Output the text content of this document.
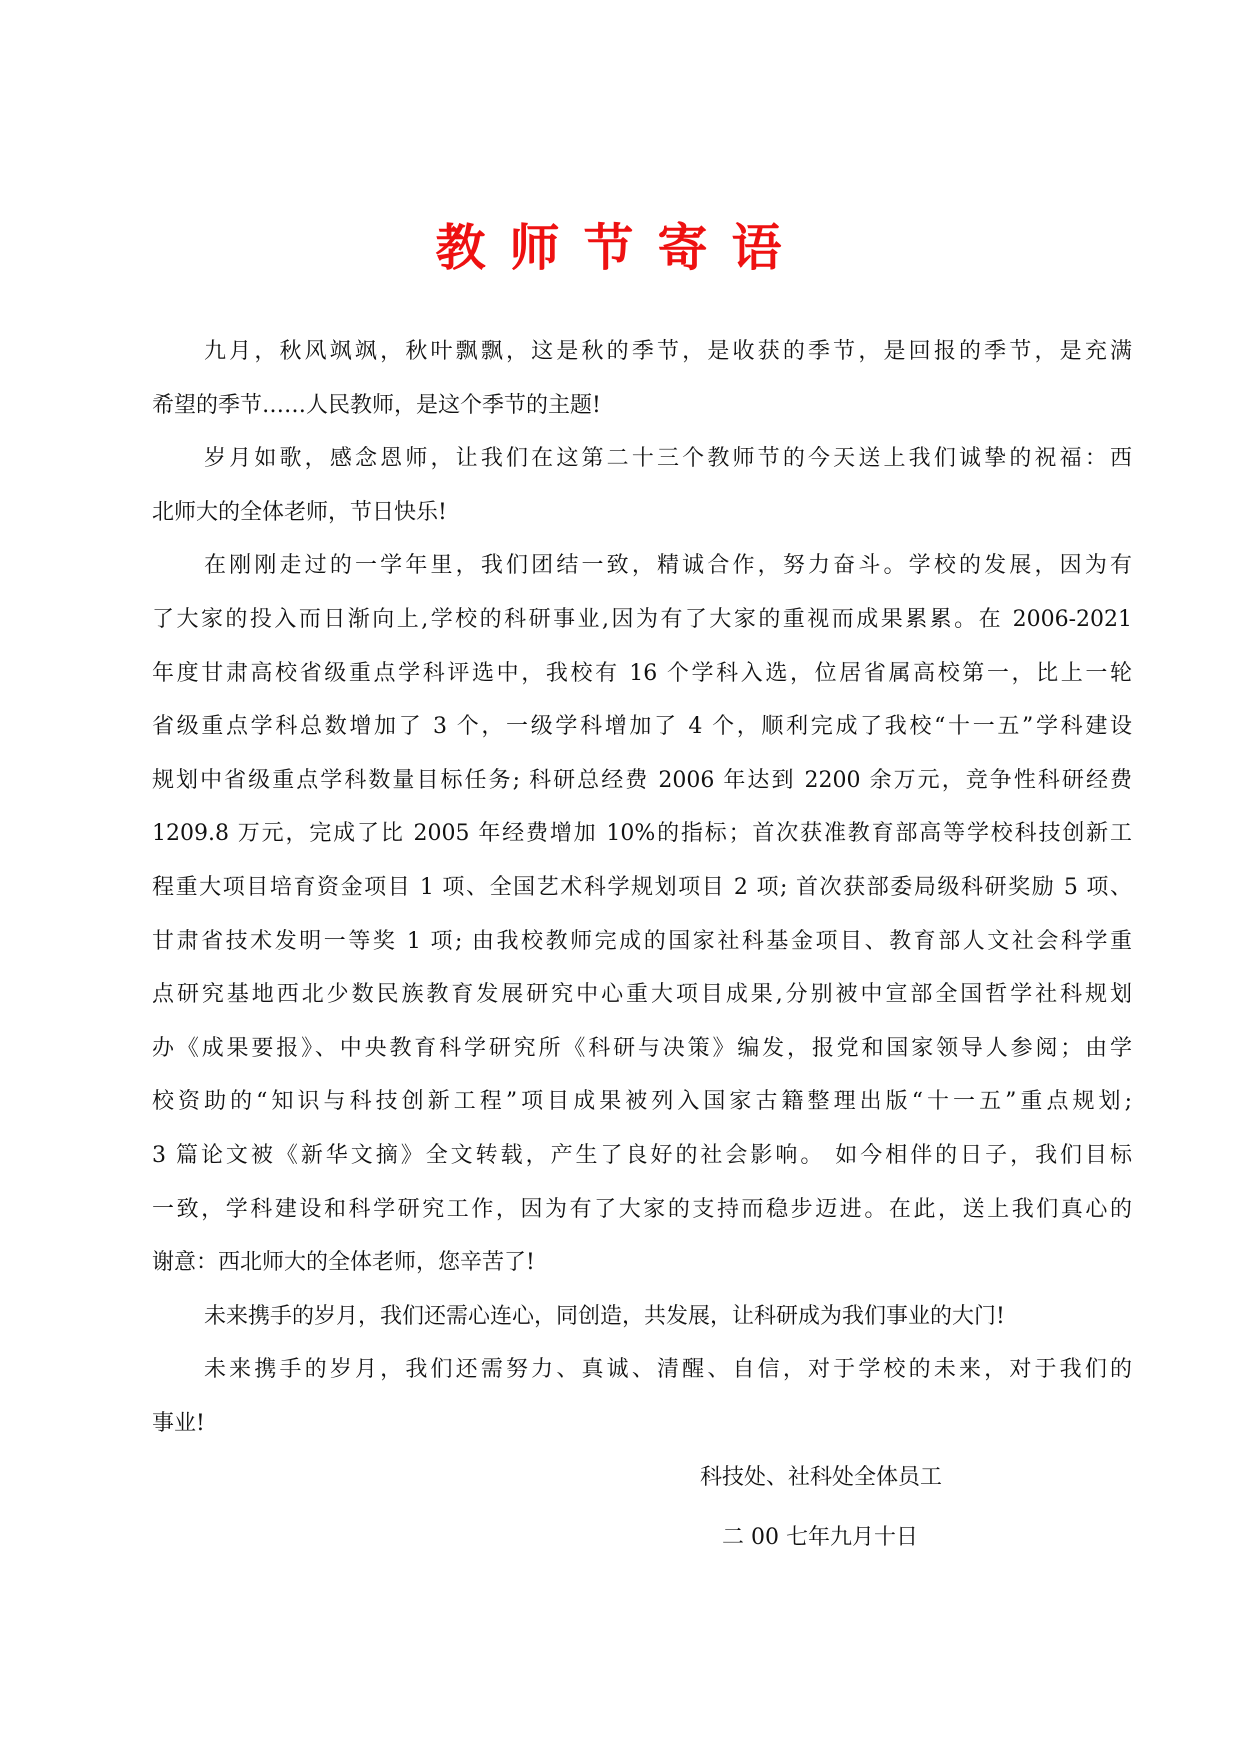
教师节寄语
九月，秋风飒飒，秋叶飘飘，这是秋的季节，是收获的季节，是回报的季节，是充满
希望的季节……人民教师，是这个季节的主题!
岁月如歌，感念恩师，让我们在这第二十三个教师节的今天送上我们诚挚的祝福：西
北师大的全体老师，节日快乐!
在刚刚走过的一学年里，我们团结一致，精诚合作，努力奋斗。学校的发展，因为有
了大家的投入而日渐向上,学校的科研事业,因为有了大家的重视而成果累累。在 2006-2021
年度甘肃高校省级重点学科评选中，我校有 16 个学科入选，位居省属高校第一，比上一轮
省级重点学科总数增加了 3 个，一级学科增加了 4 个，顺利完成了我校“十一五”学科建设
规划中省级重点学科数量目标任务; 科研总经费 2006 年达到 2200 余万元，竞争性科研经费
1209.8 万元，完成了比 2005 年经费增加 10%的指标；首次获准教育部高等学校科技创新工
程重大项目培育资金项目 1 项、全国艺术科学规划项目 2 项; 首次获部委局级科研奖励 5 项、
甘肃省技术发明一等奖 1 项; 由我校教师完成的国家社科基金项目、教育部人文社会科学重
点研究基地西北少数民族教育发展研究中心重大项目成果,分别被中宣部全国哲学社科规划
办《成果要报》、中央教育科学研究所《科研与决策》编发，报党和国家领导人参阅；由学
校资助的“知识与科技创新工程”项目成果被列入国家古籍整理出版“十一五”重点规划;
3 篇论文被《新华文摘》全文转载，产生了良好的社会影响。 如今相伴的日子，我们目标
一致，学科建设和科学研究工作，因为有了大家的支持而稳步迈进。在此，送上我们真心的
谢意：西北师大的全体老师，您辛苦了!
未来携手的岁月，我们还需心连心，同创造，共发展，让科研成为我们事业的大门!
未来携手的岁月，我们还需努力、真诚、清醒、自信，对于学校的未来，对于我们的
事业!
科技处、社科处全体员工
二 00 七年九月十日
